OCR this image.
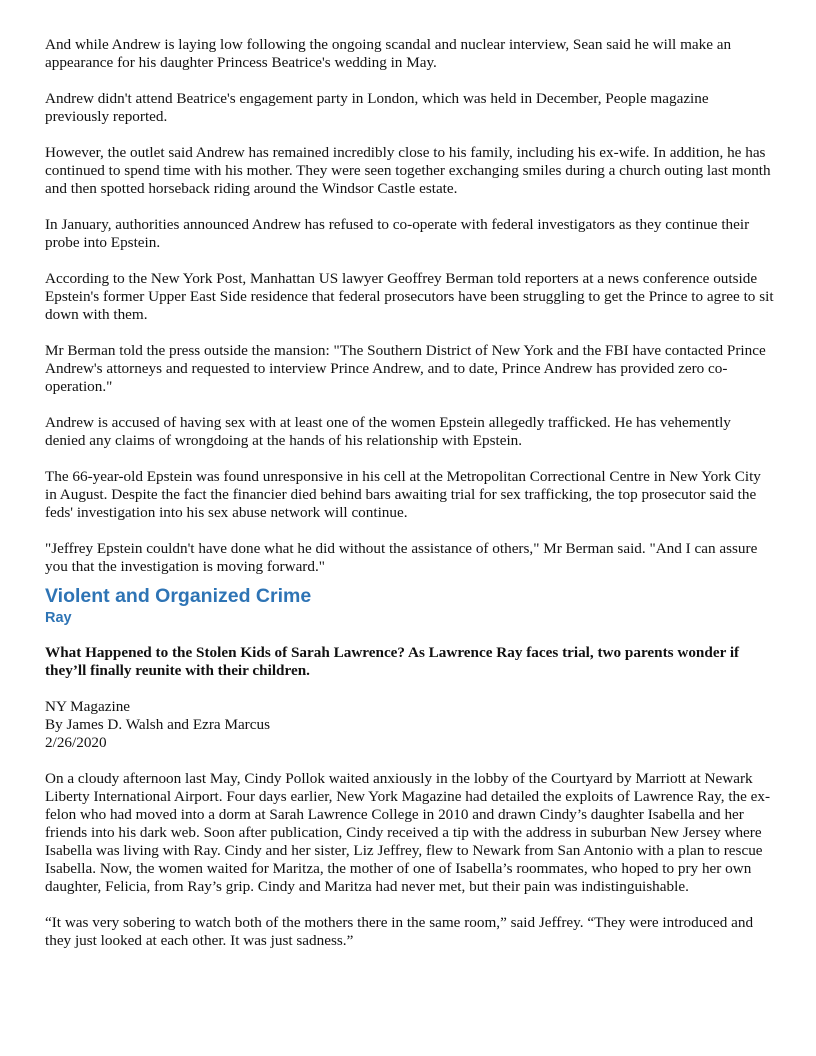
And while Andrew is laying low following the ongoing scandal and nuclear interview, Sean said he will make an appearance for his daughter Princess Beatrice's wedding in May.

Andrew didn't attend Beatrice's engagement party in London, which was held in December, People magazine previously reported.

However, the outlet said Andrew has remained incredibly close to his family, including his ex-wife. In addition, he has continued to spend time with his mother. They were seen together exchanging smiles during a church outing last month and then spotted horseback riding around the Windsor Castle estate.

In January, authorities announced Andrew has refused to co-operate with federal investigators as they continue their probe into Epstein.

According to the New York Post, Manhattan US lawyer Geoffrey Berman told reporters at a news conference outside Epstein's former Upper East Side residence that federal prosecutors have been struggling to get the Prince to agree to sit down with them.

Mr Berman told the press outside the mansion: "The Southern District of New York and the FBI have contacted Prince Andrew's attorneys and requested to interview Prince Andrew, and to date, Prince Andrew has provided zero co-operation."

Andrew is accused of having sex with at least one of the women Epstein allegedly trafficked. He has vehemently denied any claims of wrongdoing at the hands of his relationship with Epstein.

The 66-year-old Epstein was found unresponsive in his cell at the Metropolitan Correctional Centre in New York City in August. Despite the fact the financier died behind bars awaiting trial for sex trafficking, the top prosecutor said the feds' investigation into his sex abuse network will continue.

"Jeffrey Epstein couldn't have done what he did without the assistance of others," Mr Berman said. "And I can assure you that the investigation is moving forward."

Violent and Organized Crime
Ray

What Happened to the Stolen Kids of Sarah Lawrence? As Lawrence Ray faces trial, two parents wonder if they’ll finally reunite with their children.

NY Magazine
By James D. Walsh and Ezra Marcus
2/26/2020

On a cloudy afternoon last May, Cindy Pollok waited anxiously in the lobby of the Courtyard by Marriott at Newark Liberty International Airport. Four days earlier, New York Magazine had detailed the exploits of Lawrence Ray, the ex-felon who had moved into a dorm at Sarah Lawrence College in 2010 and drawn Cindy’s daughter Isabella and her friends into his dark web. Soon after publication, Cindy received a tip with the address in suburban New Jersey where Isabella was living with Ray. Cindy and her sister, Liz Jeffrey, flew to Newark from San Antonio with a plan to rescue Isabella. Now, the women waited for Maritza, the mother of one of Isabella’s roommates, who hoped to pry her own daughter, Felicia, from Ray’s grip. Cindy and Maritza had never met, but their pain was indistinguishable.

“It was very sobering to watch both of the mothers there in the same room,” said Jeffrey. “They were introduced and they just looked at each other. It was just sadness.”
